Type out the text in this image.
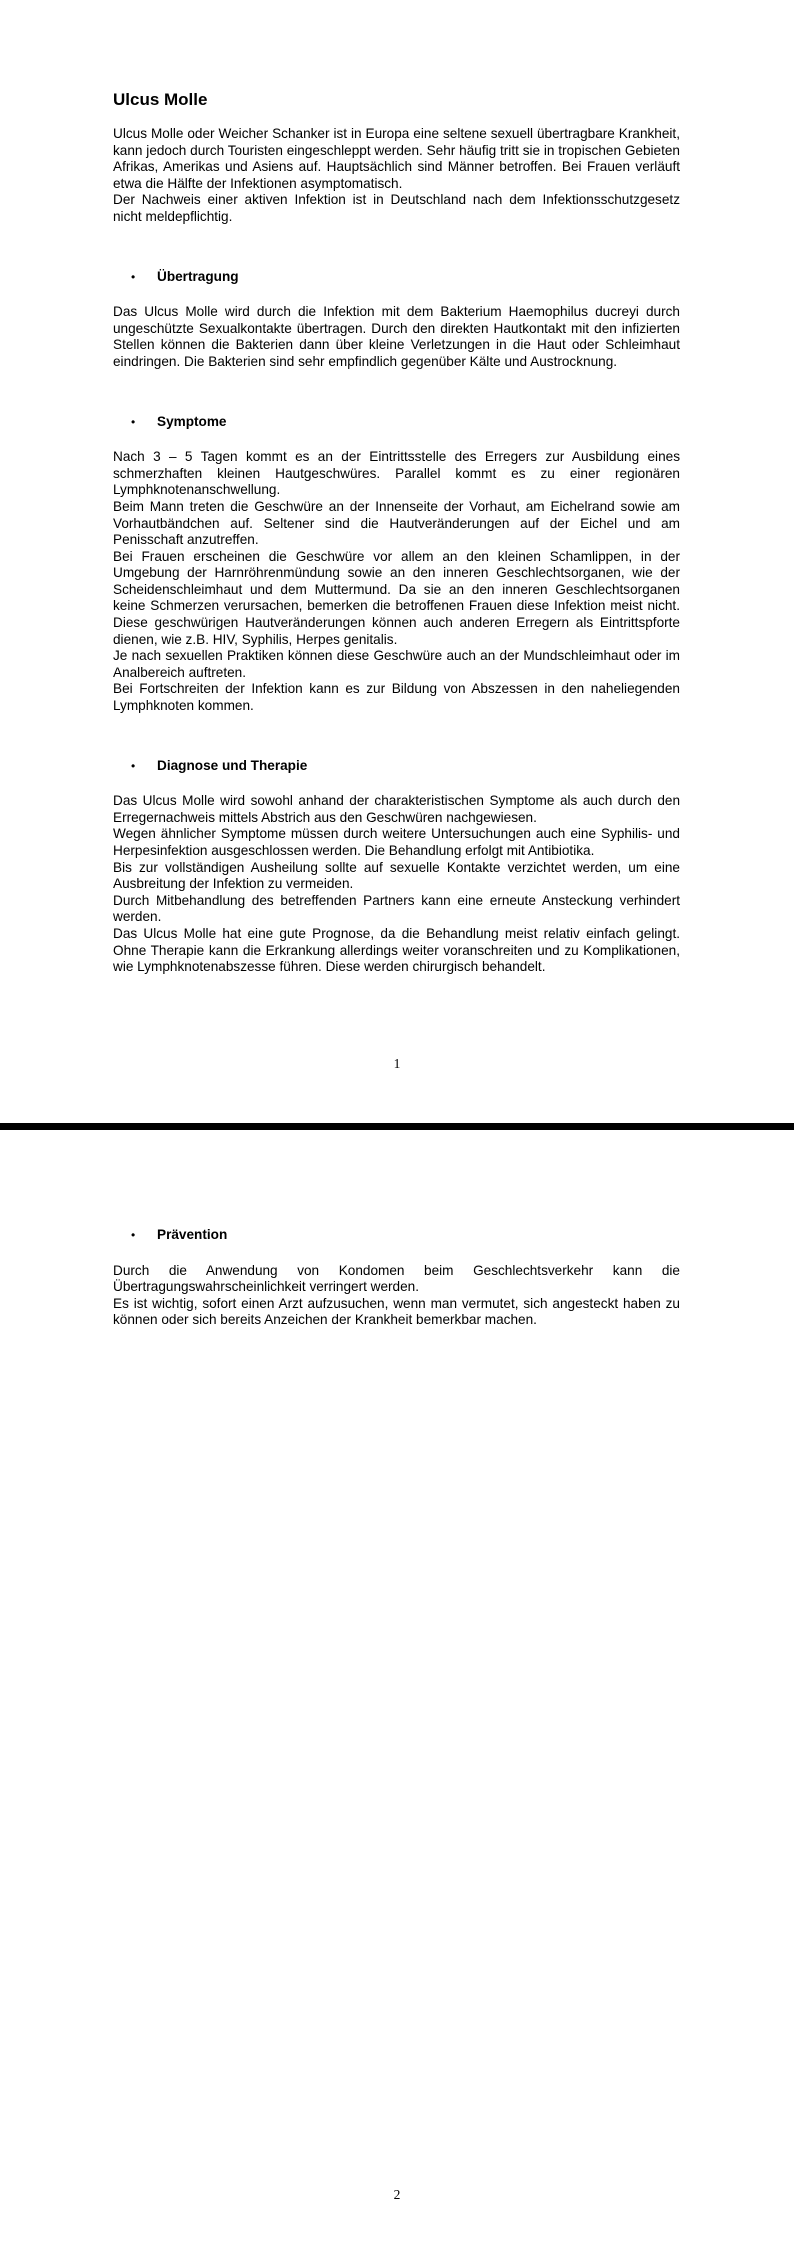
Ulcus Molle

Ulcus Molle oder Weicher Schanker ist in Europa eine seltene sexuell übertragbare Krankheit, kann jedoch durch Touristen eingeschleppt werden. Sehr häufig tritt sie in tropischen Gebieten Afrikas, Amerikas und Asiens auf. Hauptsächlich sind Männer betroffen. Bei Frauen verläuft etwa die Hälfte der Infektionen asymptomatisch.

Der Nachweis einer aktiven Infektion ist in Deutschland nach dem Infektionsschutzgesetz nicht meldepflichtig.

•	Übertragung

Das Ulcus Molle wird durch die Infektion mit dem Bakterium Haemophilus ducreyi durch ungeschützte Sexualkontakte übertragen. Durch den direkten Hautkontakt mit den infizierten Stellen können die Bakterien dann über kleine Verletzungen in die Haut oder Schleimhaut eindringen. Die Bakterien sind sehr empfindlich gegenüber Kälte und Austrocknung.

•	Symptome

Nach 3 – 5 Tagen kommt es an der Eintrittsstelle des Erregers zur Ausbildung eines schmerzhaften kleinen Hautgeschwüres. Parallel kommt es zu einer regionären Lymphknotenanschwellung.

Beim Mann treten die Geschwüre an der Innenseite der Vorhaut, am Eichelrand sowie am Vorhautbändchen auf. Seltener sind die Hautveränderungen auf der Eichel und am Penisschaft anzutreffen.

Bei Frauen erscheinen die Geschwüre vor allem an den kleinen Schamlippen, in der Umgebung der Harnröhrenmündung sowie an den inneren Geschlechtsorganen, wie der Scheidenschleimhaut und dem Muttermund. Da sie an den inneren Geschlechtsorganen keine Schmerzen verursachen, bemerken die betroffenen Frauen diese Infektion meist nicht. Diese geschwürigen Hautveränderungen können auch anderen Erregern als Eintrittspforte dienen, wie z.B. HIV, Syphilis, Herpes genitalis.

Je nach sexuellen Praktiken können diese Geschwüre auch an der Mundschleimhaut oder im Analbereich auftreten.

Bei Fortschreiten der Infektion kann es zur Bildung von Abszessen in den naheliegenden Lymphknoten kommen.

•	Diagnose und Therapie

Das Ulcus Molle wird sowohl anhand der charakteristischen Symptome als auch durch den Erregernachweis mittels Abstrich aus den Geschwüren nachgewiesen.

Wegen ähnlicher Symptome müssen durch weitere Untersuchungen auch eine Syphilis- und Herpesinfektion ausgeschlossen werden. Die Behandlung erfolgt mit Antibiotika.

Bis zur vollständigen Ausheilung sollte auf sexuelle Kontakte verzichtet werden, um eine Ausbreitung der Infektion zu vermeiden.

Durch Mitbehandlung des betreffenden Partners kann eine erneute Ansteckung verhindert werden.

Das Ulcus Molle hat eine gute Prognose, da die Behandlung meist relativ einfach gelingt. Ohne Therapie kann die Erkrankung allerdings weiter voranschreiten und zu Komplikationen, wie Lymphknotenabszesse führen. Diese werden chirurgisch behandelt.

1
•	Prävention

Durch die Anwendung von Kondomen beim Geschlechtsverkehr kann die Übertragungswahrscheinlichkeit verringert werden.

Es ist wichtig, sofort einen Arzt aufzusuchen, wenn man vermutet, sich angesteckt haben zu können oder sich bereits Anzeichen der Krankheit bemerkbar machen.

2
